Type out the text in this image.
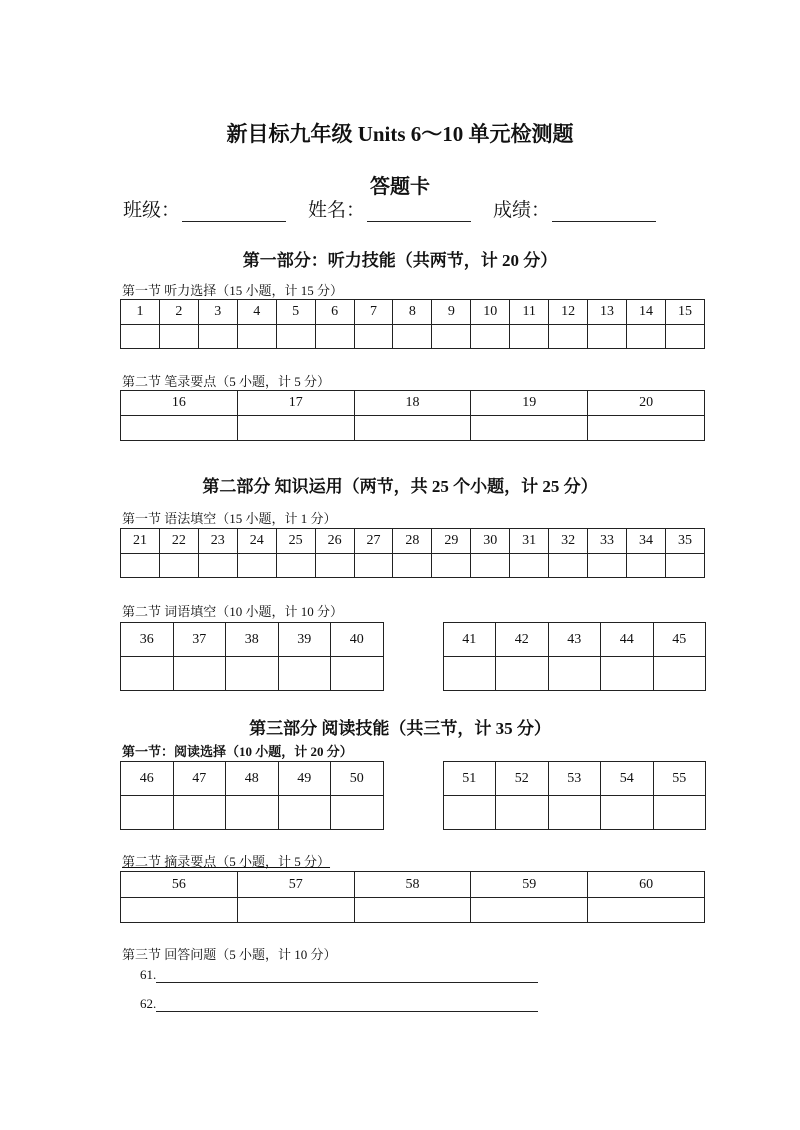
新目标九年级 Units 6～10 单元检测题
答题卡
班级：	姓名：	成绩：
第一部分：听力技能（共两节，计 20 分）
第一节 听力选择（15 小题，计 15 分）
1	2	3	4	5	6	7	8	9	10	11	12	13	14	15

第二节 笔录要点（5 小题，计 5 分）
16	17	18	19	20

第二部分 知识运用（两节，共 25 个小题，计 25 分）
第一节 语法填空（15 小题，计 1 分）
21	22	23	24	25	26	27	28	29	30	31	32	33	34	35

第二节 词语填空（10 小题，计 10 分）
36	37	38	39	40		41	42	43	44	45

第三部分 阅读技能（共三节，计 35 分）
第一节：阅读选择（10 小题，计 20 分）
46	47	48	49	50		51	52	53	54	55

第二节 摘录要点（5 小题，计 5 分）
56	57	58	59	60

第三节 回答问题（5 小题，计 10 分）
61.
62.
